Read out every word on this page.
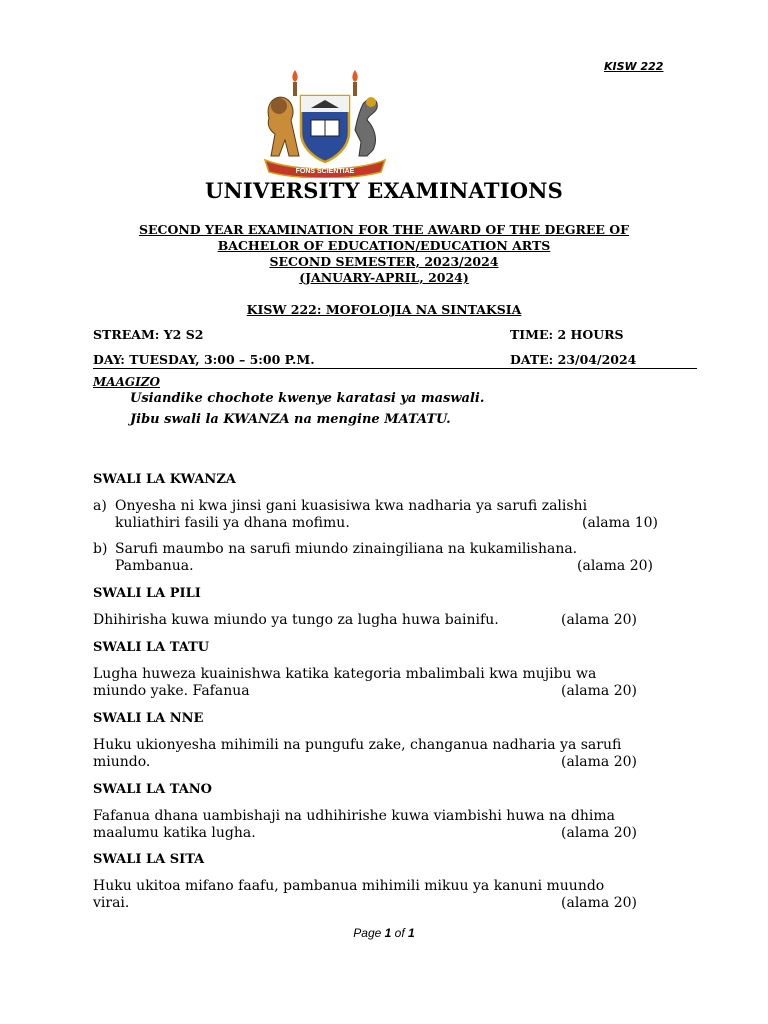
KISW 222
FONS SCIENTIAE
UNIVERSITY EXAMINATIONS
SECOND YEAR EXAMINATION FOR THE AWARD OF THE DEGREE OF
BACHELOR OF EDUCATION/EDUCATION ARTS
SECOND SEMESTER, 2023/2024
(JANUARY-APRIL, 2024)
KISW 222: MOFOLOJIA NA SINTAKSIA
STREAM: Y2 S2	TIME: 2 HOURS
DAY: TUESDAY, 3:00 – 5:00 P.M.	DATE: 23/04/2024
MAAGIZO
Usiandike chochote kwenye karatasi ya maswali.
Jibu swali la KWANZA na mengine MATATU.
SWALI LA KWANZA
a) Onyesha ni kwa jinsi gani kuasisiwa kwa nadharia ya sarufi zalishi
kuliathiri fasili ya dhana mofimu.	(alama 10)
b) Sarufi maumbo na sarufi miundo zinaingiliana na kukamilishana.
Pambanua.	(alama 20)
SWALI LA PILI
Dhihirisha kuwa miundo ya tungo za lugha huwa bainifu.	(alama 20)
SWALI LA TATU
Lugha huweza kuainishwa katika kategoria mbalimbali kwa mujibu wa
miundo yake. Fafanua	(alama 20)
SWALI LA NNE
Huku ukionyesha mihimili na pungufu zake, changanua nadharia ya sarufi
miundo.	(alama 20)
SWALI LA TANO
Fafanua dhana uambishaji na udhihirishe kuwa viambishi huwa na dhima
maalumu katika lugha.	(alama 20)
SWALI LA SITA
Huku ukitoa mifano faafu, pambanua mihimili mikuu ya kanuni muundo
virai.	(alama 20)
Page 1 of 1
